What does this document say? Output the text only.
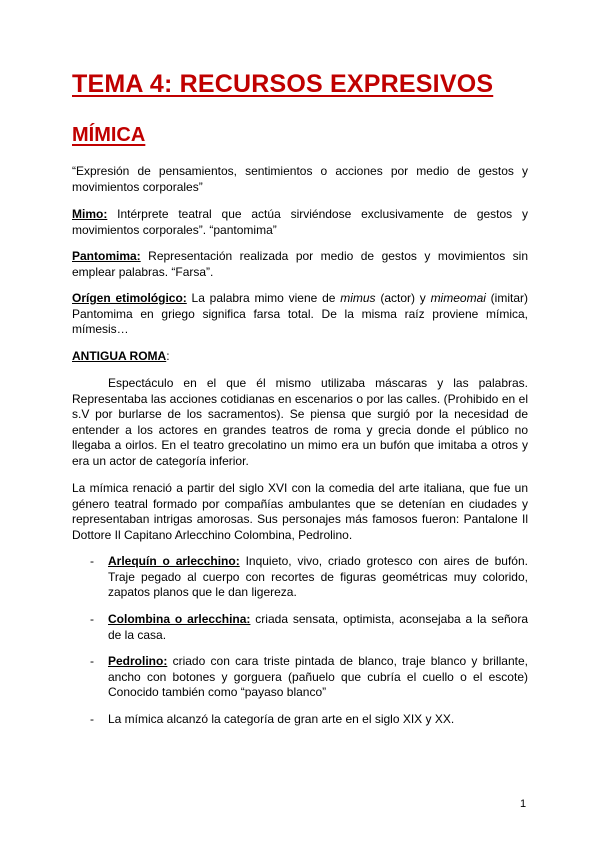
TEMA 4: RECURSOS EXPRESIVOS
MÍMICA

“Expresión de pensamientos, sentimientos o acciones por medio de gestos y movimientos corporales”

Mimo: Intérprete teatral que actúa sirviéndose exclusivamente de gestos y movimientos corporales”. “pantomima”

Pantomima: Representación realizada por medio de gestos y movimientos sin emplear palabras. “Farsa”.

Orígen etimológico: La palabra mimo viene de mimus (actor) y mimeomai (imitar) Pantomima en griego significa farsa total. De la misma raíz proviene mímica, mímesis…

ANTIGUA ROMA:

Espectáculo en el que él mismo utilizaba máscaras y las palabras. Representaba las acciones cotidianas en escenarios o por las calles. (Prohibido en el s.V por burlarse de los sacramentos). Se piensa que surgió por la necesidad de entender a los actores en grandes teatros de roma y grecia donde el público no llegaba a oirlos. En el teatro grecolatino un mimo era un bufón que imitaba a otros y era un actor de categoría inferior.

La mímica renació a partir del siglo XVI con la comedia del arte italiana, que fue un género teatral formado por compañías ambulantes que se detenían en ciudades y representaban intrigas amorosas. Sus personajes más famosos fueron: Pantalone Il Dottore Il Capitano Arlecchino Colombina, Pedrolino.

- Arlequín o arlecchino: Inquieto, vivo, criado grotesco con aires de bufón. Traje pegado al cuerpo con recortes de figuras geométricas muy colorido, zapatos planos que le dan ligereza.
- Colombina o arlecchina: criada sensata, optimista, aconsejaba a la señora de la casa.
- Pedrolino: criado con cara triste pintada de blanco, traje blanco y brillante, ancho con botones y gorguera (pañuelo que cubría el cuello o el escote) Conocido también como “payaso blanco”
- La mímica alcanzó la categoría de gran arte en el siglo XIX y XX.
1
